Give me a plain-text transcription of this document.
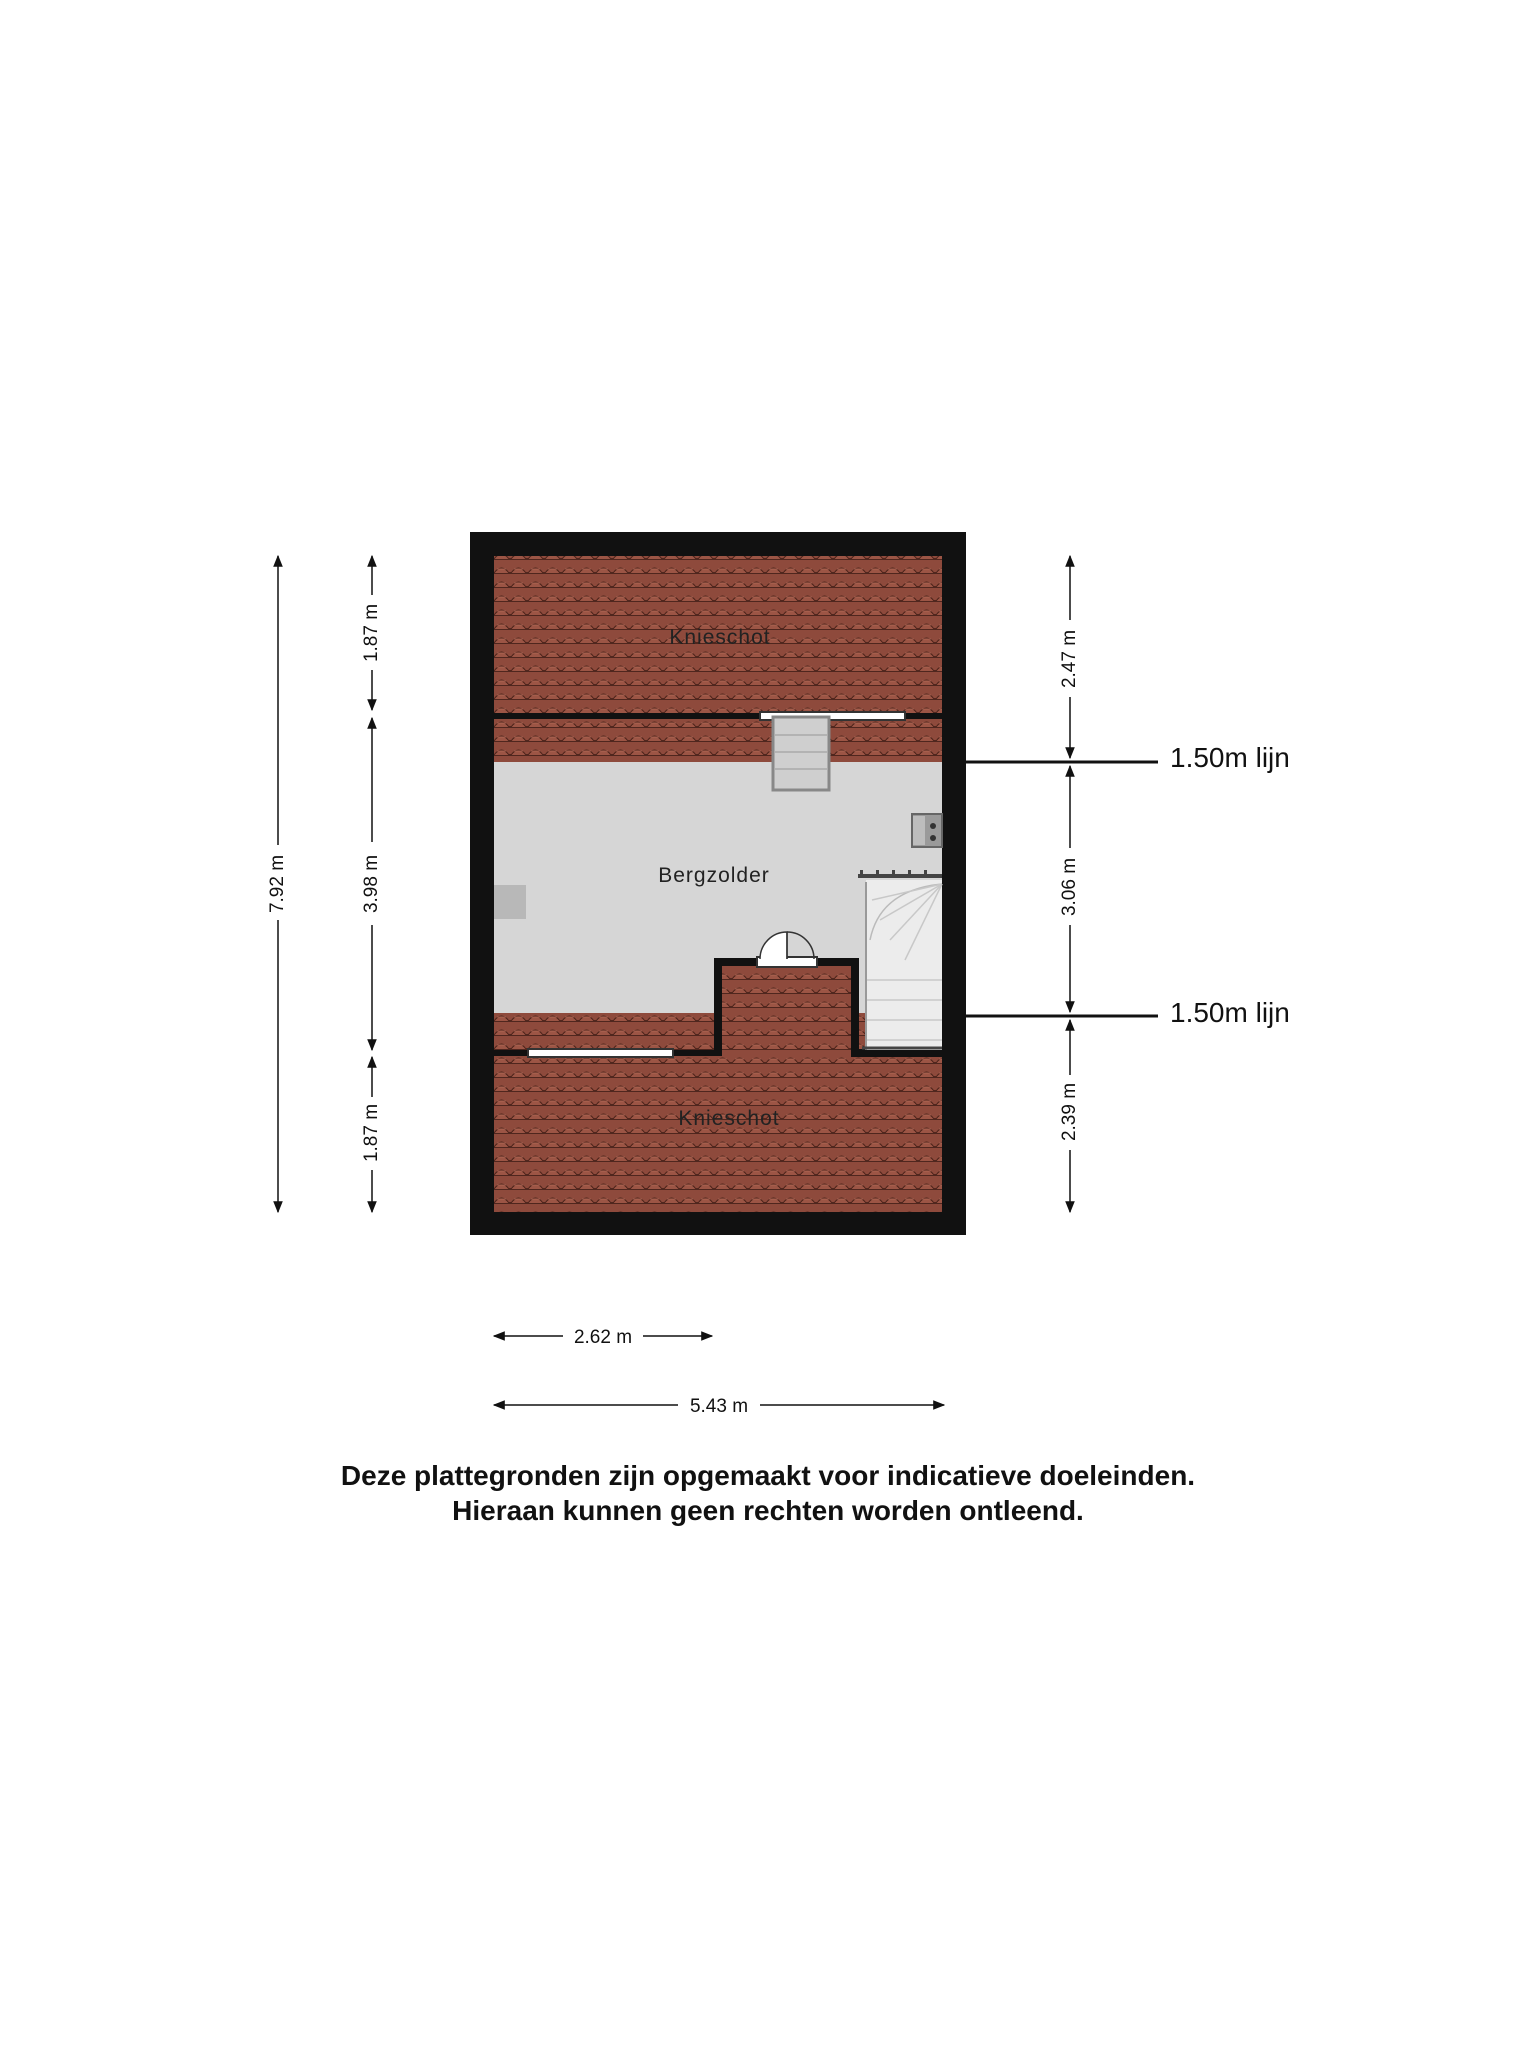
Knieschot
Bergzolder
Knieschot
1.50m lijn
1.50m lijn
7.92 m
1.87 m
3.98 m
1.87 m
2.47 m
3.06 m
2.39 m
2.62 m
5.43 m
Deze plattegronden zijn opgemaakt voor indicatieve doeleinden.
Hieraan kunnen geen rechten worden ontleend.
